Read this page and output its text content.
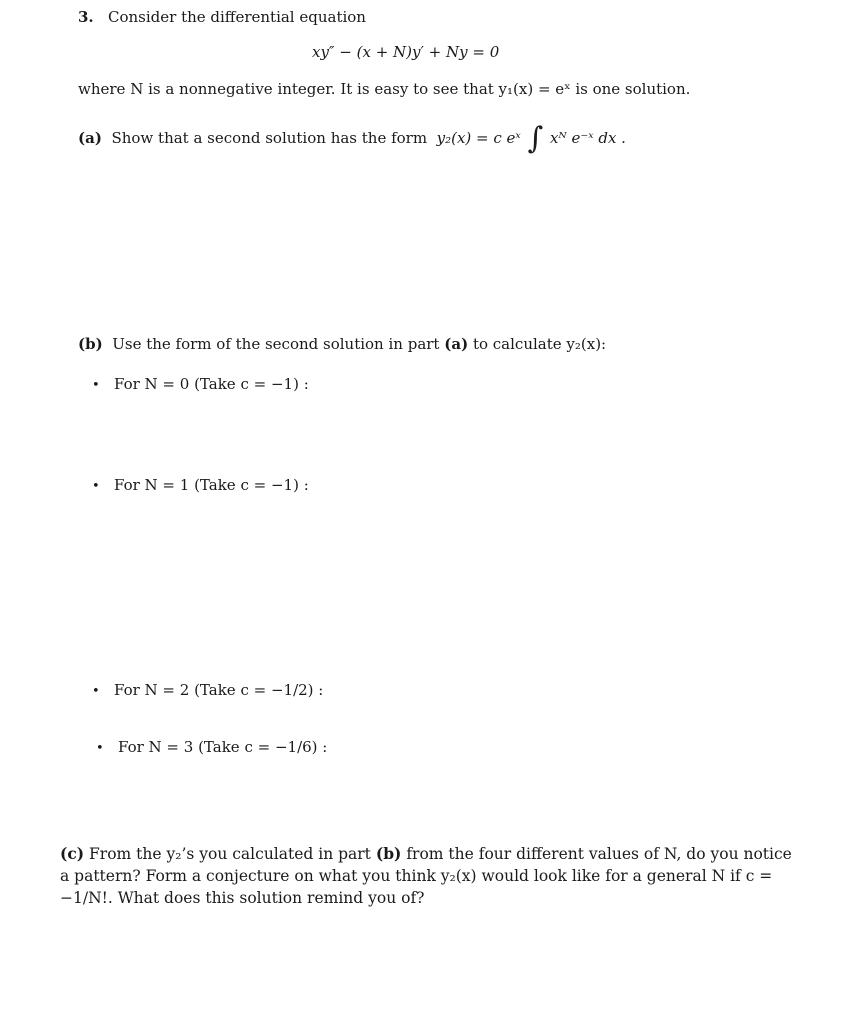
3. Consider the differential equation
xy″ − (x + N)y′ + Ny = 0
where N is a nonnegative integer. It is easy to see that y₁(x) = eˣ is one solution.
(a) Show that a second solution has the form y₂(x) = c eˣ ∫ xᴺ e⁻ˣ dx .
(b) Use the form of the second solution in part (a) to calculate y₂(x):
• For N = 0 (Take c = −1) :
• For N = 1 (Take c = −1) :
• For N = 2 (Take c = −1/2) :
• For N = 3 (Take c = −1/6) :
(c) From the y₂’s you calculated in part (b) from the four different values of N, do you notice a pattern? Form a conjecture on what you think y₂(x) would look like for a general N if c = −1/N!. What does this solution remind you of?
